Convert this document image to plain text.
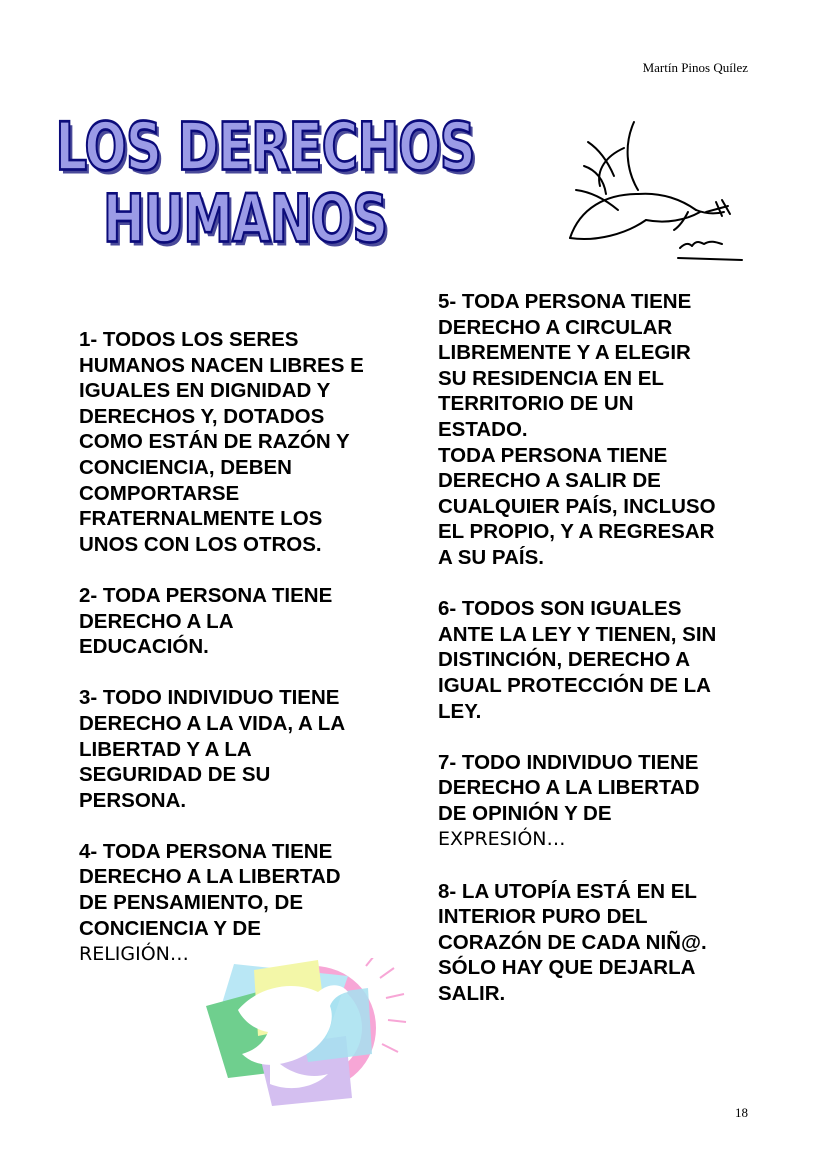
Martín Pinos Quílez
LOS DERECHOS
HUMANOS

1- TODOS LOS SERES
HUMANOS NACEN LIBRES E
IGUALES EN DIGNIDAD Y
DERECHOS Y, DOTADOS
COMO ESTÁN DE RAZÓN Y
CONCIENCIA, DEBEN
COMPORTARSE
FRATERNALMENTE LOS
UNOS CON LOS OTROS.

2- TODA PERSONA TIENE
DERECHO A LA
EDUCACIÓN.

3- TODO INDIVIDUO TIENE
DERECHO A LA VIDA, A LA
LIBERTAD Y A LA
SEGURIDAD DE SU
PERSONA.

4- TODA PERSONA TIENE
DERECHO A LA LIBERTAD
DE PENSAMIENTO, DE
CONCIENCIA Y DE
RELIGIÓN…

5- TODA PERSONA TIENE
DERECHO A CIRCULAR
LIBREMENTE Y A ELEGIR
SU RESIDENCIA EN EL
TERRITORIO DE UN
ESTADO.
TODA PERSONA TIENE
DERECHO A SALIR DE
CUALQUIER PAÍS, INCLUSO
EL PROPIO, Y A REGRESAR
A SU PAÍS.

6- TODOS SON IGUALES
ANTE LA LEY Y TIENEN, SIN
DISTINCIÓN, DERECHO A
IGUAL PROTECCIÓN DE LA
LEY.

7- TODO INDIVIDUO TIENE
DERECHO A LA LIBERTAD
DE OPINIÓN Y DE
EXPRESIÓN…

8- LA UTOPÍA ESTÁ EN EL
INTERIOR PURO DEL
CORAZÓN DE CADA NIÑ@.
SÓLO HAY QUE DEJARLA
SALIR.

18
